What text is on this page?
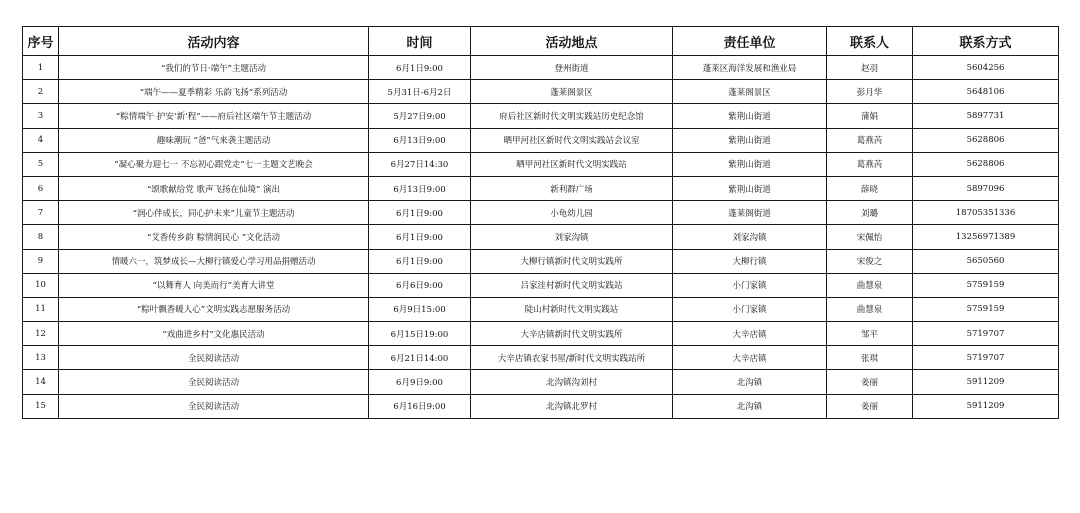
序号	活动内容	时间	活动地点	责任单位	联系人	联系方式
1	“我们的节日·端午”主题活动	6月1日9:00	登州街道	蓬莱区海洋发展和渔业局	赵羽	5604256
2	“端午——夏季精彩 乐韵飞扬”系列活动	5月31日-6月2日	蓬莱阁景区	蓬莱阁景区	彭月华	5648106
3	“粽情端午 护安‘新’程”——府后社区端午节主题活动	5月27日9:00	府后社区新时代文明实践站历史纪念馆	紫荆山街道	蒲娟	5897731
4	趣味潮玩 “爸”气来袭主题活动	6月13日9:00	晒甲河社区新时代文明实践站会议室	紫荆山街道	葛燕芮	5628806
5	“凝心聚力迎七一 不忘初心跟党走”七一主题文艺晚会	6月27日14:30	晒甲河社区新时代文明实践站	紫荆山街道	葛燕芮	5628806
6	“颂歌献给党 歌声飞扬在仙境” 演出	6月13日9:00	新利群广场	紫荆山街道	薛晓	5897096
7	“润心伴成长，同心护未来”儿童节主题活动	6月1日9:00	小龟幼儿园	蓬莱阁街道	刘璐	18705351336
8	“艾香传乡韵 粽情润民心 ”文化活动	6月1日9:00	刘家沟镇	刘家沟镇	宋佩怡	13256971389
9	情暖六一，筑梦成长—大柳行镇爱心学习用品捐赠活动	6月1日9:00	大柳行镇新时代文明实践所	大柳行镇	宋俊之	5650560
10	“以舞育人 向美而行”美育大讲堂	6月6日9:00	吕家洼村新时代文明实践站	小门家镇	曲慧泉	5759159
11	“粽叶飘香暖人心”文明实践志愿服务活动	6月9日15:00	陡山村新时代文明实践站	小门家镇	曲慧泉	5759159
12	“戏曲进乡村”文化惠民活动	6月15日19:00	大辛店镇新时代文明实践所	大辛店镇	邹平	5719707
13	全民阅读活动	6月21日14:00	大辛店镇农家书屋/新时代文明实践站所	大辛店镇	张琪	5719707
14	全民阅读活动	6月9日9:00	北沟镇沟刘村	北沟镇	姜丽	5911209
15	全民阅读活动	6月16日9:00	北沟镇北罗村	北沟镇	姜丽	5911209
